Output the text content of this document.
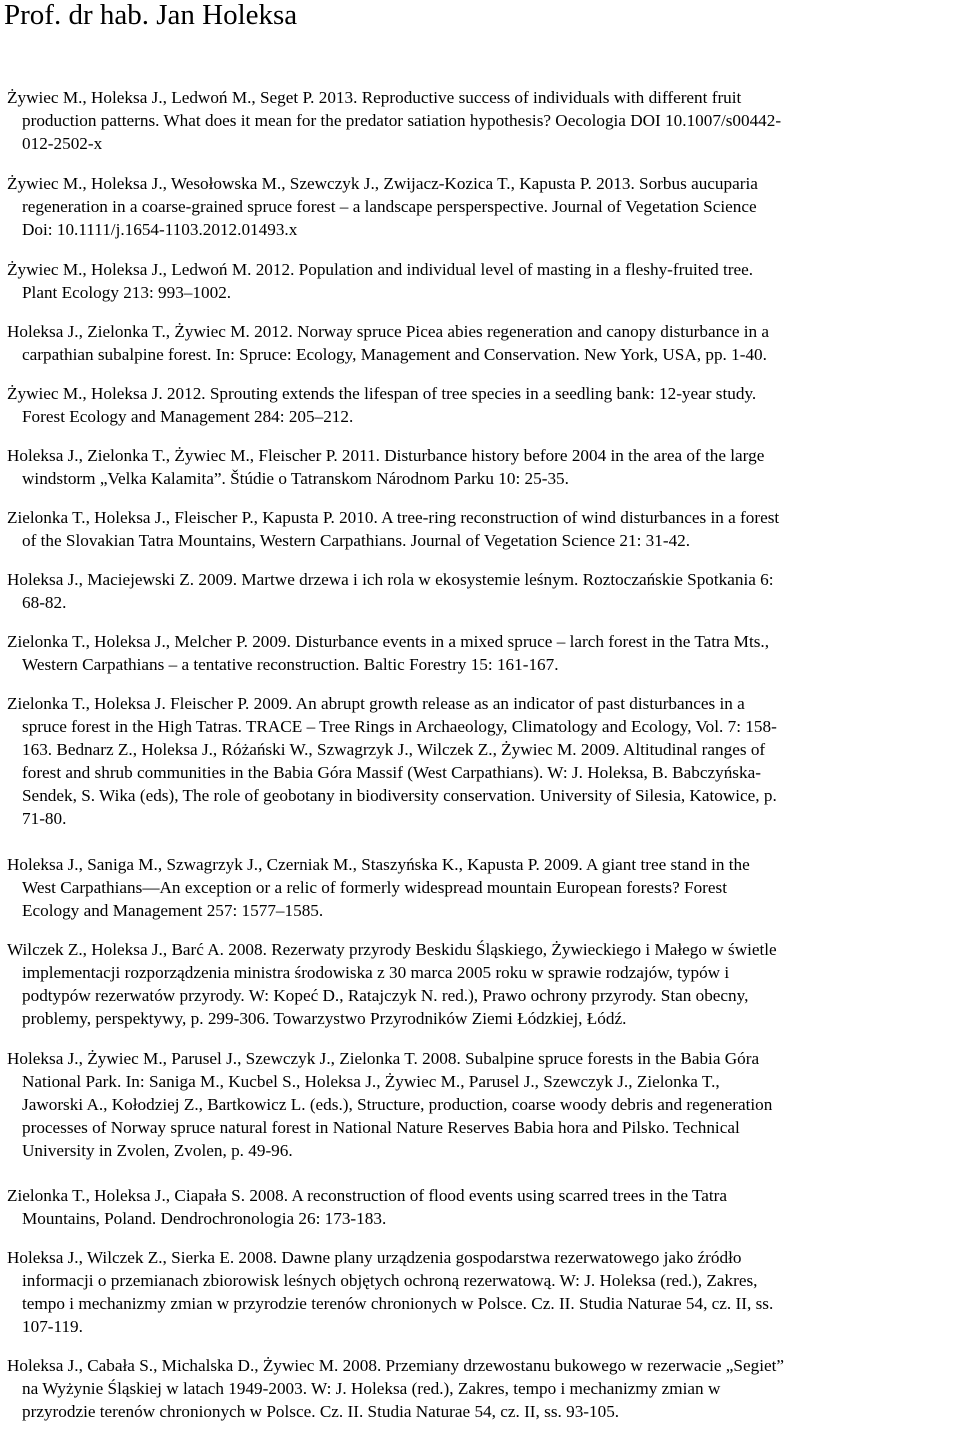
Prof. dr hab. Jan Holeksa

Żywiec M., Holeksa J., Ledwoń M., Seget P. 2013. Reproductive success of individuals with different fruit
production patterns. What does it mean for the predator satiation hypothesis? Oecologia DOI 10.1007/s00442-
012-2502-x

Żywiec M., Holeksa J., Wesołowska M., Szewczyk J., Zwijacz-Kozica T., Kapusta P. 2013. Sorbus aucuparia
regeneration in a coarse-grained spruce forest – a landscape persperspective. Journal of Vegetation Science
Doi: 10.1111/j.1654-1103.2012.01493.x

Żywiec M., Holeksa J., Ledwoń M. 2012. Population and individual level of masting in a fleshy-fruited tree.
Plant Ecology 213: 993–1002.

Holeksa J., Zielonka T., Żywiec M. 2012. Norway spruce Picea abies regeneration and canopy disturbance in a
carpathian subalpine forest. In: Spruce: Ecology, Management and Conservation. New York, USA, pp. 1-40.

Żywiec M., Holeksa J. 2012. Sprouting extends the lifespan of tree species in a seedling bank: 12-year study.
Forest Ecology and Management 284: 205–212.

Holeksa J., Zielonka T., Żywiec M., Fleischer P. 2011. Disturbance history before 2004 in the area of the large
windstorm „Velka Kalamita”. Štúdie o Tatranskom Národnom Parku 10: 25-35.

Zielonka T., Holeksa J., Fleischer P., Kapusta P. 2010. A tree-ring reconstruction of wind disturbances in a forest
of the Slovakian Tatra Mountains, Western Carpathians. Journal of Vegetation Science 21: 31-42.

Holeksa J., Maciejewski Z. 2009. Martwe drzewa i ich rola w ekosystemie leśnym. Roztoczańskie Spotkania 6:
68-82.

Zielonka T., Holeksa J., Melcher P. 2009. Disturbance events in a mixed spruce – larch forest in the Tatra Mts.,
Western Carpathians – a tentative reconstruction. Baltic Forestry 15: 161-167.

Zielonka T., Holeksa J. Fleischer P. 2009. An abrupt growth release as an indicator of past disturbances in a
spruce forest in the High Tatras. TRACE – Tree Rings in Archaeology, Climatology and Ecology, Vol. 7: 158-
163. Bednarz Z., Holeksa J., Różański W., Szwagrzyk J., Wilczek Z., Żywiec M. 2009. Altitudinal ranges of
forest and shrub communities in the Babia Góra Massif (West Carpathians). W: J. Holeksa, B. Babczyńska-
Sendek, S. Wika (eds), The role of geobotany in biodiversity conservation. University of Silesia, Katowice, p.
71-80.

Holeksa J., Saniga M., Szwagrzyk J., Czerniak M., Staszyńska K., Kapusta P. 2009. A giant tree stand in the
West Carpathians—An exception or a relic of formerly widespread mountain European forests? Forest
Ecology and Management 257: 1577–1585.

Wilczek Z., Holeksa J., Barć A. 2008. Rezerwaty przyrody Beskidu Śląskiego, Żywieckiego i Małego w świetle
implementacji rozporządzenia ministra środowiska z 30 marca 2005 roku w sprawie rodzajów, typów i
podtypów rezerwatów przyrody. W: Kopeć D., Ratajczyk N. red.), Prawo ochrony przyrody. Stan obecny,
problemy, perspektywy, p. 299-306. Towarzystwo Przyrodników Ziemi Łódzkiej, Łódź.

Holeksa J., Żywiec M., Parusel J., Szewczyk J., Zielonka T. 2008. Subalpine spruce forests in the Babia Góra
National Park. In: Saniga M., Kucbel S., Holeksa J., Żywiec M., Parusel J., Szewczyk J., Zielonka T.,
Jaworski A., Kołodziej Z., Bartkowicz L. (eds.), Structure, production, coarse woody debris and regeneration
processes of Norway spruce natural forest in National Nature Reserves Babia hora and Pilsko. Technical
University in Zvolen, Zvolen, p. 49-96.

Zielonka T., Holeksa J., Ciapała S. 2008. A reconstruction of flood events using scarred trees in the Tatra
Mountains, Poland. Dendrochronologia 26: 173-183.

Holeksa J., Wilczek Z., Sierka E. 2008. Dawne plany urządzenia gospodarstwa rezerwatowego jako źródło
informacji o przemianach zbiorowisk leśnych objętych ochroną rezerwatową. W: J. Holeksa (red.), Zakres,
tempo i mechanizmy zmian w przyrodzie terenów chronionych w Polsce. Cz. II. Studia Naturae 54, cz. II, ss.
107-119.

Holeksa J., Cabała S., Michalska D., Żywiec M. 2008. Przemiany drzewostanu bukowego w rezerwacie „Segiet”
na Wyżynie Śląskiej w latach 1949-2003. W: J. Holeksa (red.), Zakres, tempo i mechanizmy zmian w
przyrodzie terenów chronionych w Polsce. Cz. II. Studia Naturae 54, cz. II, ss. 93-105.
